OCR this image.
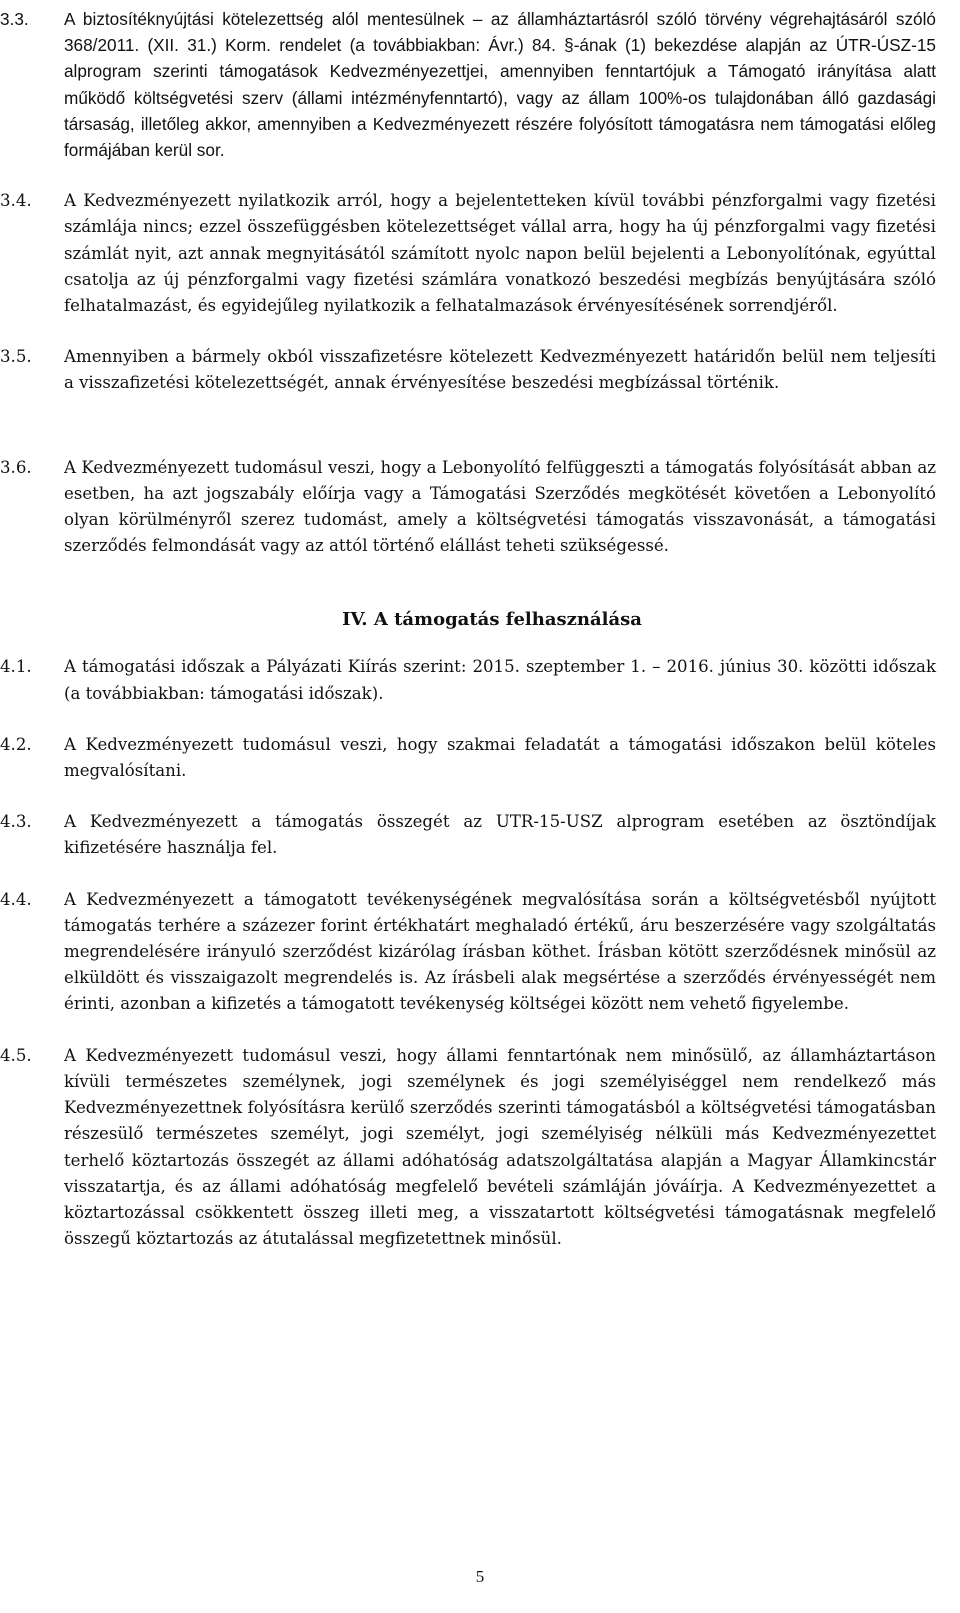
3.3.	A biztosítéknyújtási kötelezettség alól mentesülnek – az államháztartásról szóló törvény végrehajtásáról szóló 368/2011. (XII. 31.) Korm. rendelet (a továbbiakban: Ávr.) 84. §-ának (1) bekezdése alapján az ÚTR-ÚSZ-15 alprogram szerinti támogatások Kedvezményezettjei, amennyiben fenntartójuk a Támogató irányítása alatt működő költségvetési szerv (állami intézményfenntartó), vagy az állam 100%-os tulajdonában álló gazdasági társaság, illetőleg akkor, amennyiben a Kedvezményezett részére folyósított támogatásra nem támogatási előleg formájában kerül sor.
3.4.	A Kedvezményezett nyilatkozik arról, hogy a bejelentetteken kívül további pénzforgalmi vagy fizetési számlája nincs; ezzel összefüggésben kötelezettséget vállal arra, hogy ha új pénzforgalmi vagy fizetési számlát nyit, azt annak megnyitásától számított nyolc napon belül bejelenti a Lebonyolítónak, egyúttal csatolja az új pénzforgalmi vagy fizetési számlára vonatkozó beszedési megbízás benyújtására szóló felhatalmazást, és egyidejűleg nyilatkozik a felhatalmazások érvényesítésének sorrendjéről.
3.5.	Amennyiben a bármely okból visszafizetésre kötelezett Kedvezményezett határidőn belül nem teljesíti a visszafizetési kötelezettségét, annak érvényesítése beszedési megbízással történik.
3.6.	A Kedvezményezett tudomásul veszi, hogy a Lebonyolító felfüggeszti a támogatás folyósítását abban az esetben, ha azt jogszabály előírja vagy a Támogatási Szerződés megkötését követően a Lebonyolító olyan körülményről szerez tudomást, amely a költségvetési támogatás visszavonását, a támogatási szerződés felmondását vagy az attól történő elállást teheti szükségessé.
IV. A támogatás felhasználása
4.1.	A támogatási időszak a Pályázati Kiírás szerint: 2015. szeptember 1. – 2016. június 30. közötti időszak (a továbbiakban: támogatási időszak).
4.2.	A Kedvezményezett tudomásul veszi, hogy szakmai feladatát a támogatási időszakon belül köteles megvalósítani.
4.3.	A Kedvezményezett a támogatás összegét az UTR-15-USZ alprogram esetében az ösztöndíjak kifizetésére használja fel.
4.4.	A Kedvezményezett a támogatott tevékenységének megvalósítása során a költségvetésből nyújtott támogatás terhére a százezer forint értékhatárt meghaladó értékű, áru beszerzésére vagy szolgáltatás megrendelésére irányuló szerződést kizárólag írásban köthet. Írásban kötött szerződésnek minősül az elküldött és visszaigazolt megrendelés is. Az írásbeli alak megsértése a szerződés érvényességét nem érinti, azonban a kifizetés a támogatott tevékenység költségei között nem vehető figyelembe.
4.5.	A Kedvezményezett tudomásul veszi, hogy állami fenntartónak nem minősülő, az államháztartáson kívüli természetes személynek, jogi személynek és jogi személyiséggel nem rendelkező más Kedvezményezettnek folyósításra kerülő szerződés szerinti támogatásból a költségvetési támogatásban részesülő természetes személyt, jogi személyt, jogi személyiség nélküli más Kedvezményezettet terhelő köztartozás összegét az állami adóhatóság adatszolgáltatása alapján a Magyar Államkincstár visszatartja, és az állami adóhatóság megfelelő bevételi számláján jóváírja. A Kedvezményezettet a köztartozással csökkentett összeg illeti meg, a visszatartott költségvetési támogatásnak megfelelő összegű köztartozás az átutalással megfizetettnek minősül.
5
